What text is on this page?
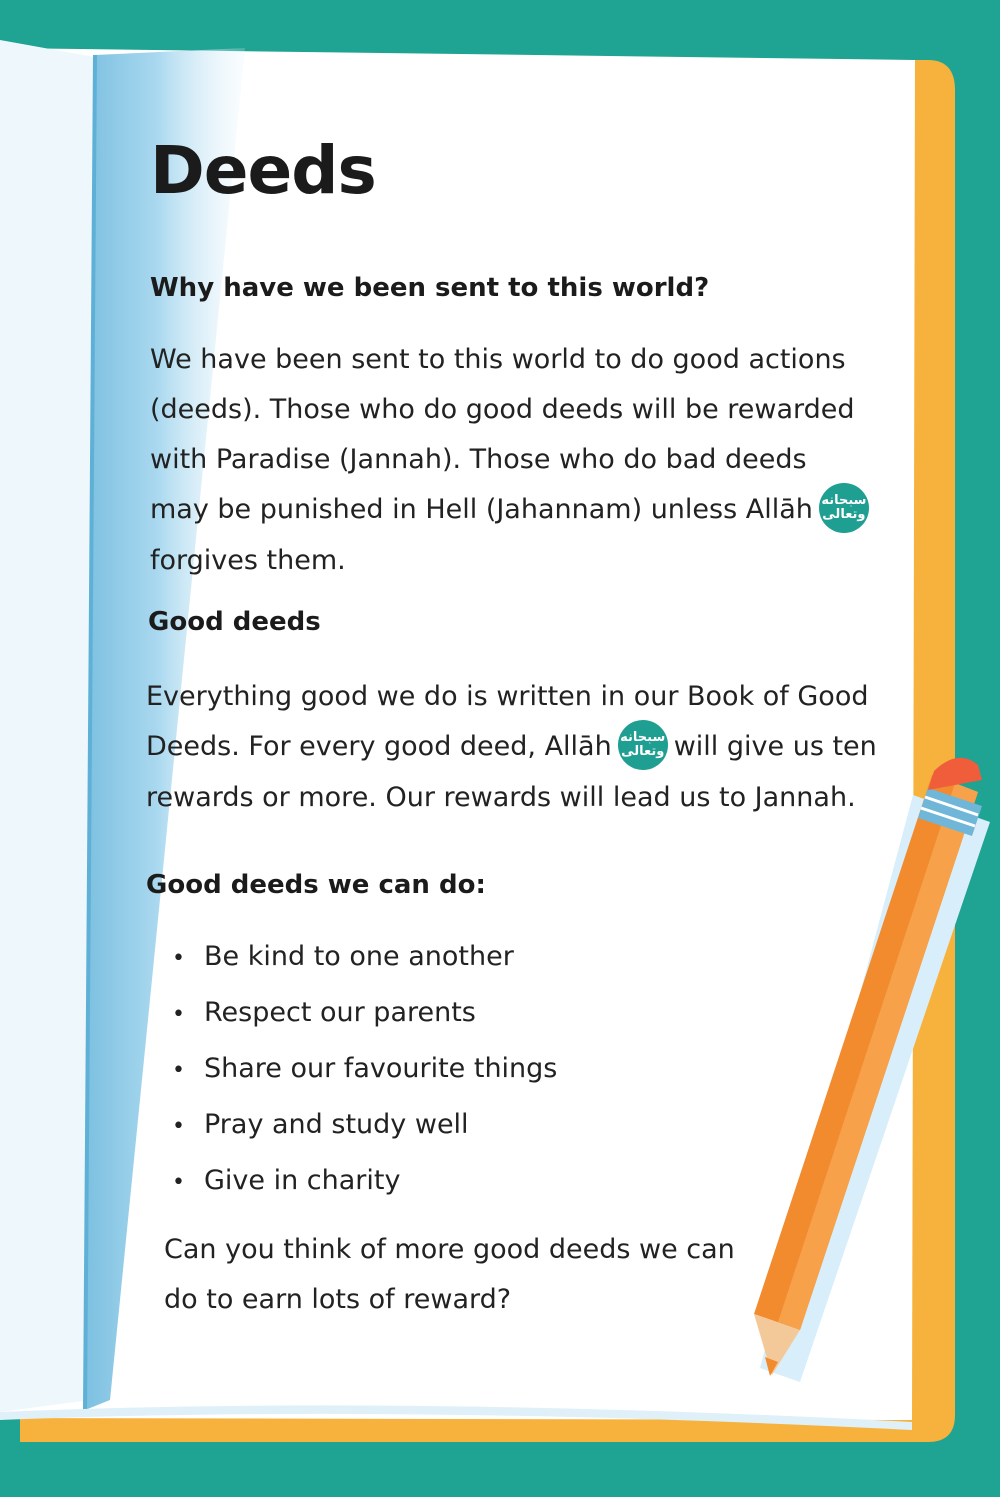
Deeds
Why have we been sent to this world?
We have been sent to this world to do good actions
(deeds). Those who do good deeds will be rewarded
with Paradise (Jannah). Those who do bad deeds
may be punished in Hell (Jahannam) unless Allāh سبحانه
وتعالى
forgives them.
Good deeds
Everything good we do is written in our Book of Good
Deeds. For every good deed, Allāh سبحانه
وتعالى will give us ten
rewards or more. Our rewards will lead us to Jannah.
Good deeds we can do:
• Be kind to one another
• Respect our parents
• Share our favourite things
• Pray and study well
• Give in charity
Can you think of more good deeds we can
do to earn lots of reward?
